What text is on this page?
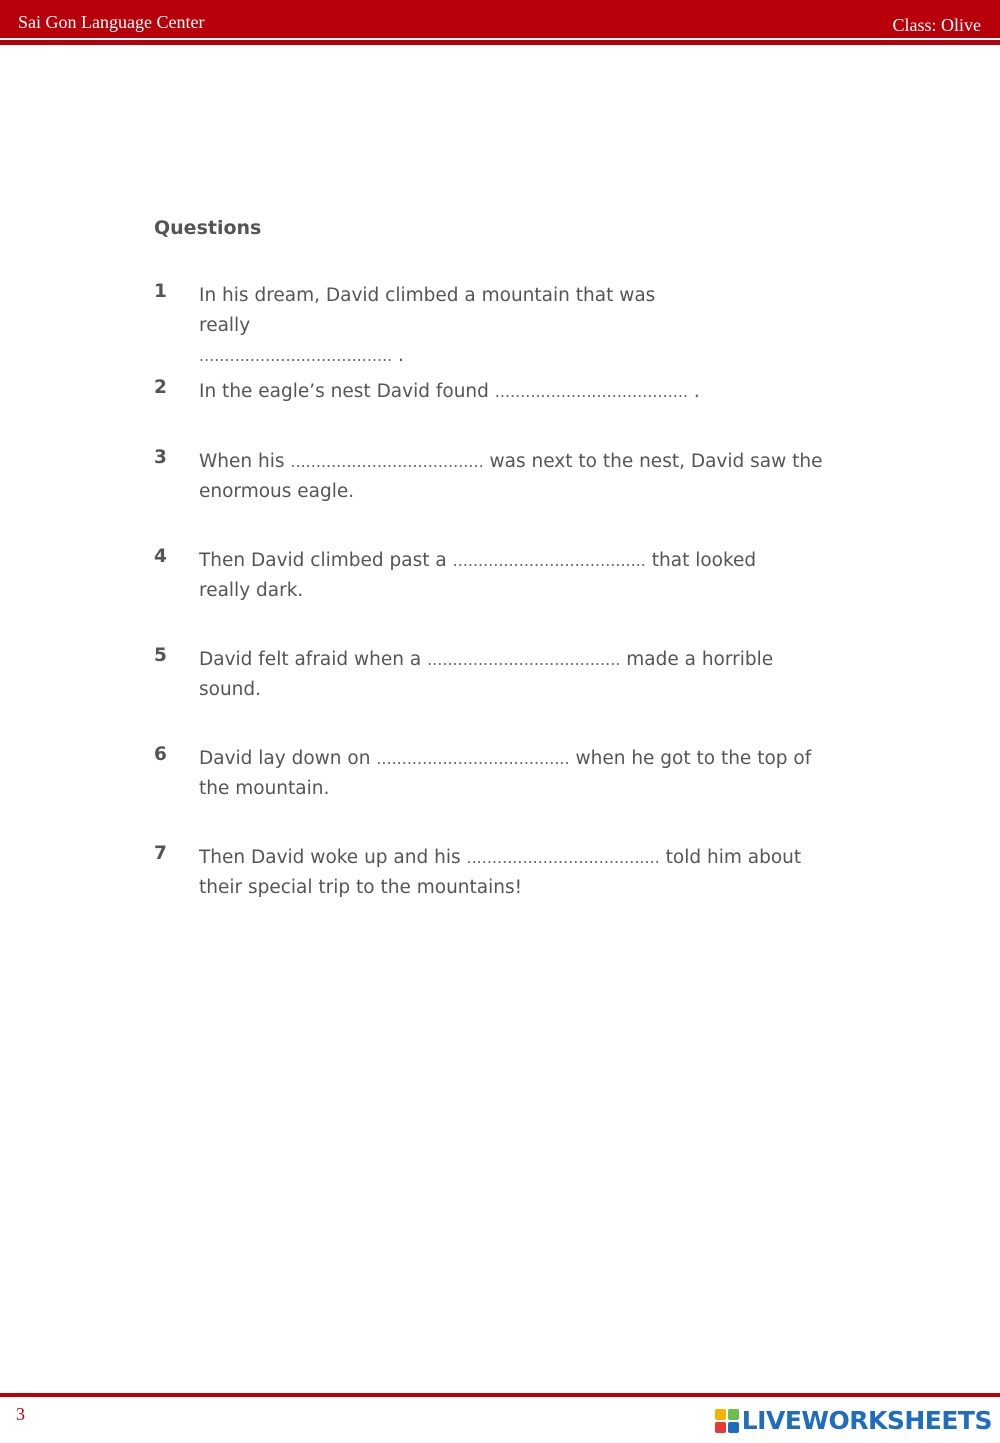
Sai Gon Language Center	Class: Olive
Questions
1	In his dream, David climbed a mountain that was really
...................................... .
2	In the eagle’s nest David found ...................................... .
3	When his ...................................... was next to the nest, David saw the enormous eagle.
4	Then David climbed past a ...................................... that looked really dark.
5	David felt afraid when a ...................................... made a horrible sound.
6	David lay down on ...................................... when he got to the top of the mountain.
7	Then David woke up and his ...................................... told him about their special trip to the mountains!
3	LIVEWORKSHEETS
